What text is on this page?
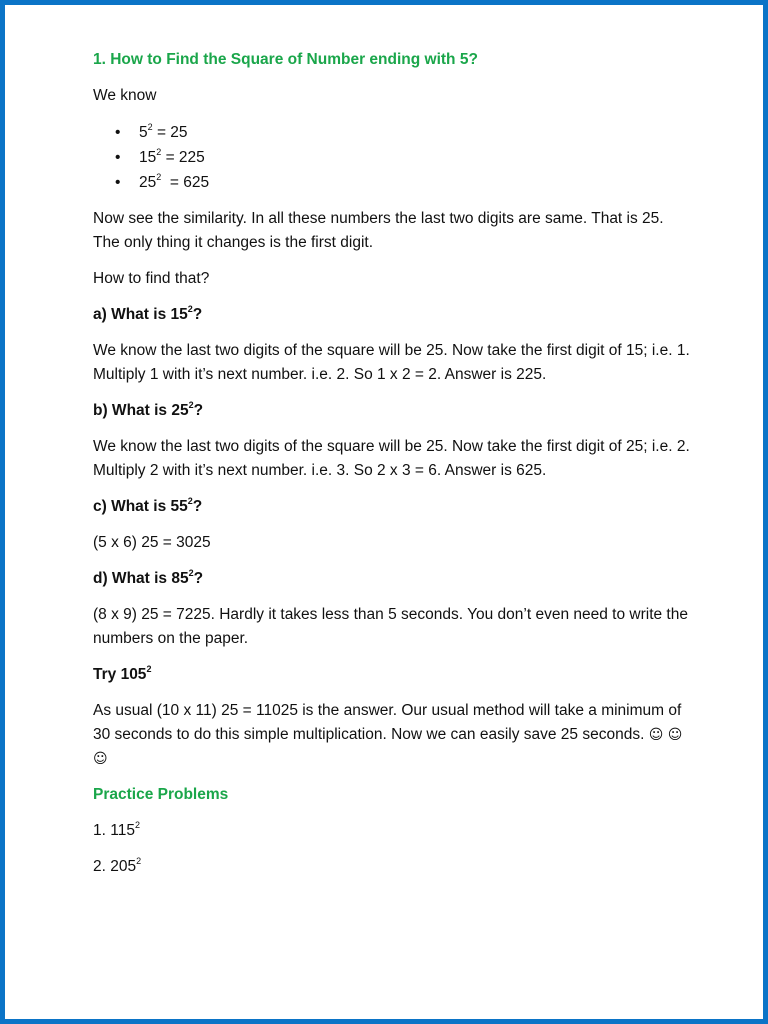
1. How to Find the Square of Number ending with 5?

We know

• $5^2 = 25$
• $15^2 = 225$
• $25^2 = 625$

Now see the similarity. In all these numbers the last two digits are same. That is 25. The only thing it changes is the first digit.

How to find that?

a) What is $15^2$?

We know the last two digits of the square will be 25. Now take the first digit of 15; i.e. 1. Multiply 1 with it’s next number. i.e. 2. So 1 x 2 = 2. Answer is 225.

b) What is $25^2$?

We know the last two digits of the square will be 25. Now take the first digit of 25; i.e. 2. Multiply 2 with it’s next number. i.e. 3. So 2 x 3 = 6. Answer is 625.

c) What is $55^2$?

(5 x 6) 25 = 3025

d) What is $85^2$?

(8 x 9) 25 = 7225. Hardly it takes less than 5 seconds. You don’t even need to write the numbers on the paper.

Try $105^2$

As usual (10 x 11) 25 = 11025 is the answer. Our usual method will take a minimum of 30 seconds to do this simple multiplication. Now we can easily save 25 seconds. ☺ ☺ ☺

Practice Problems

1. $115^2$

2. $205^2$
